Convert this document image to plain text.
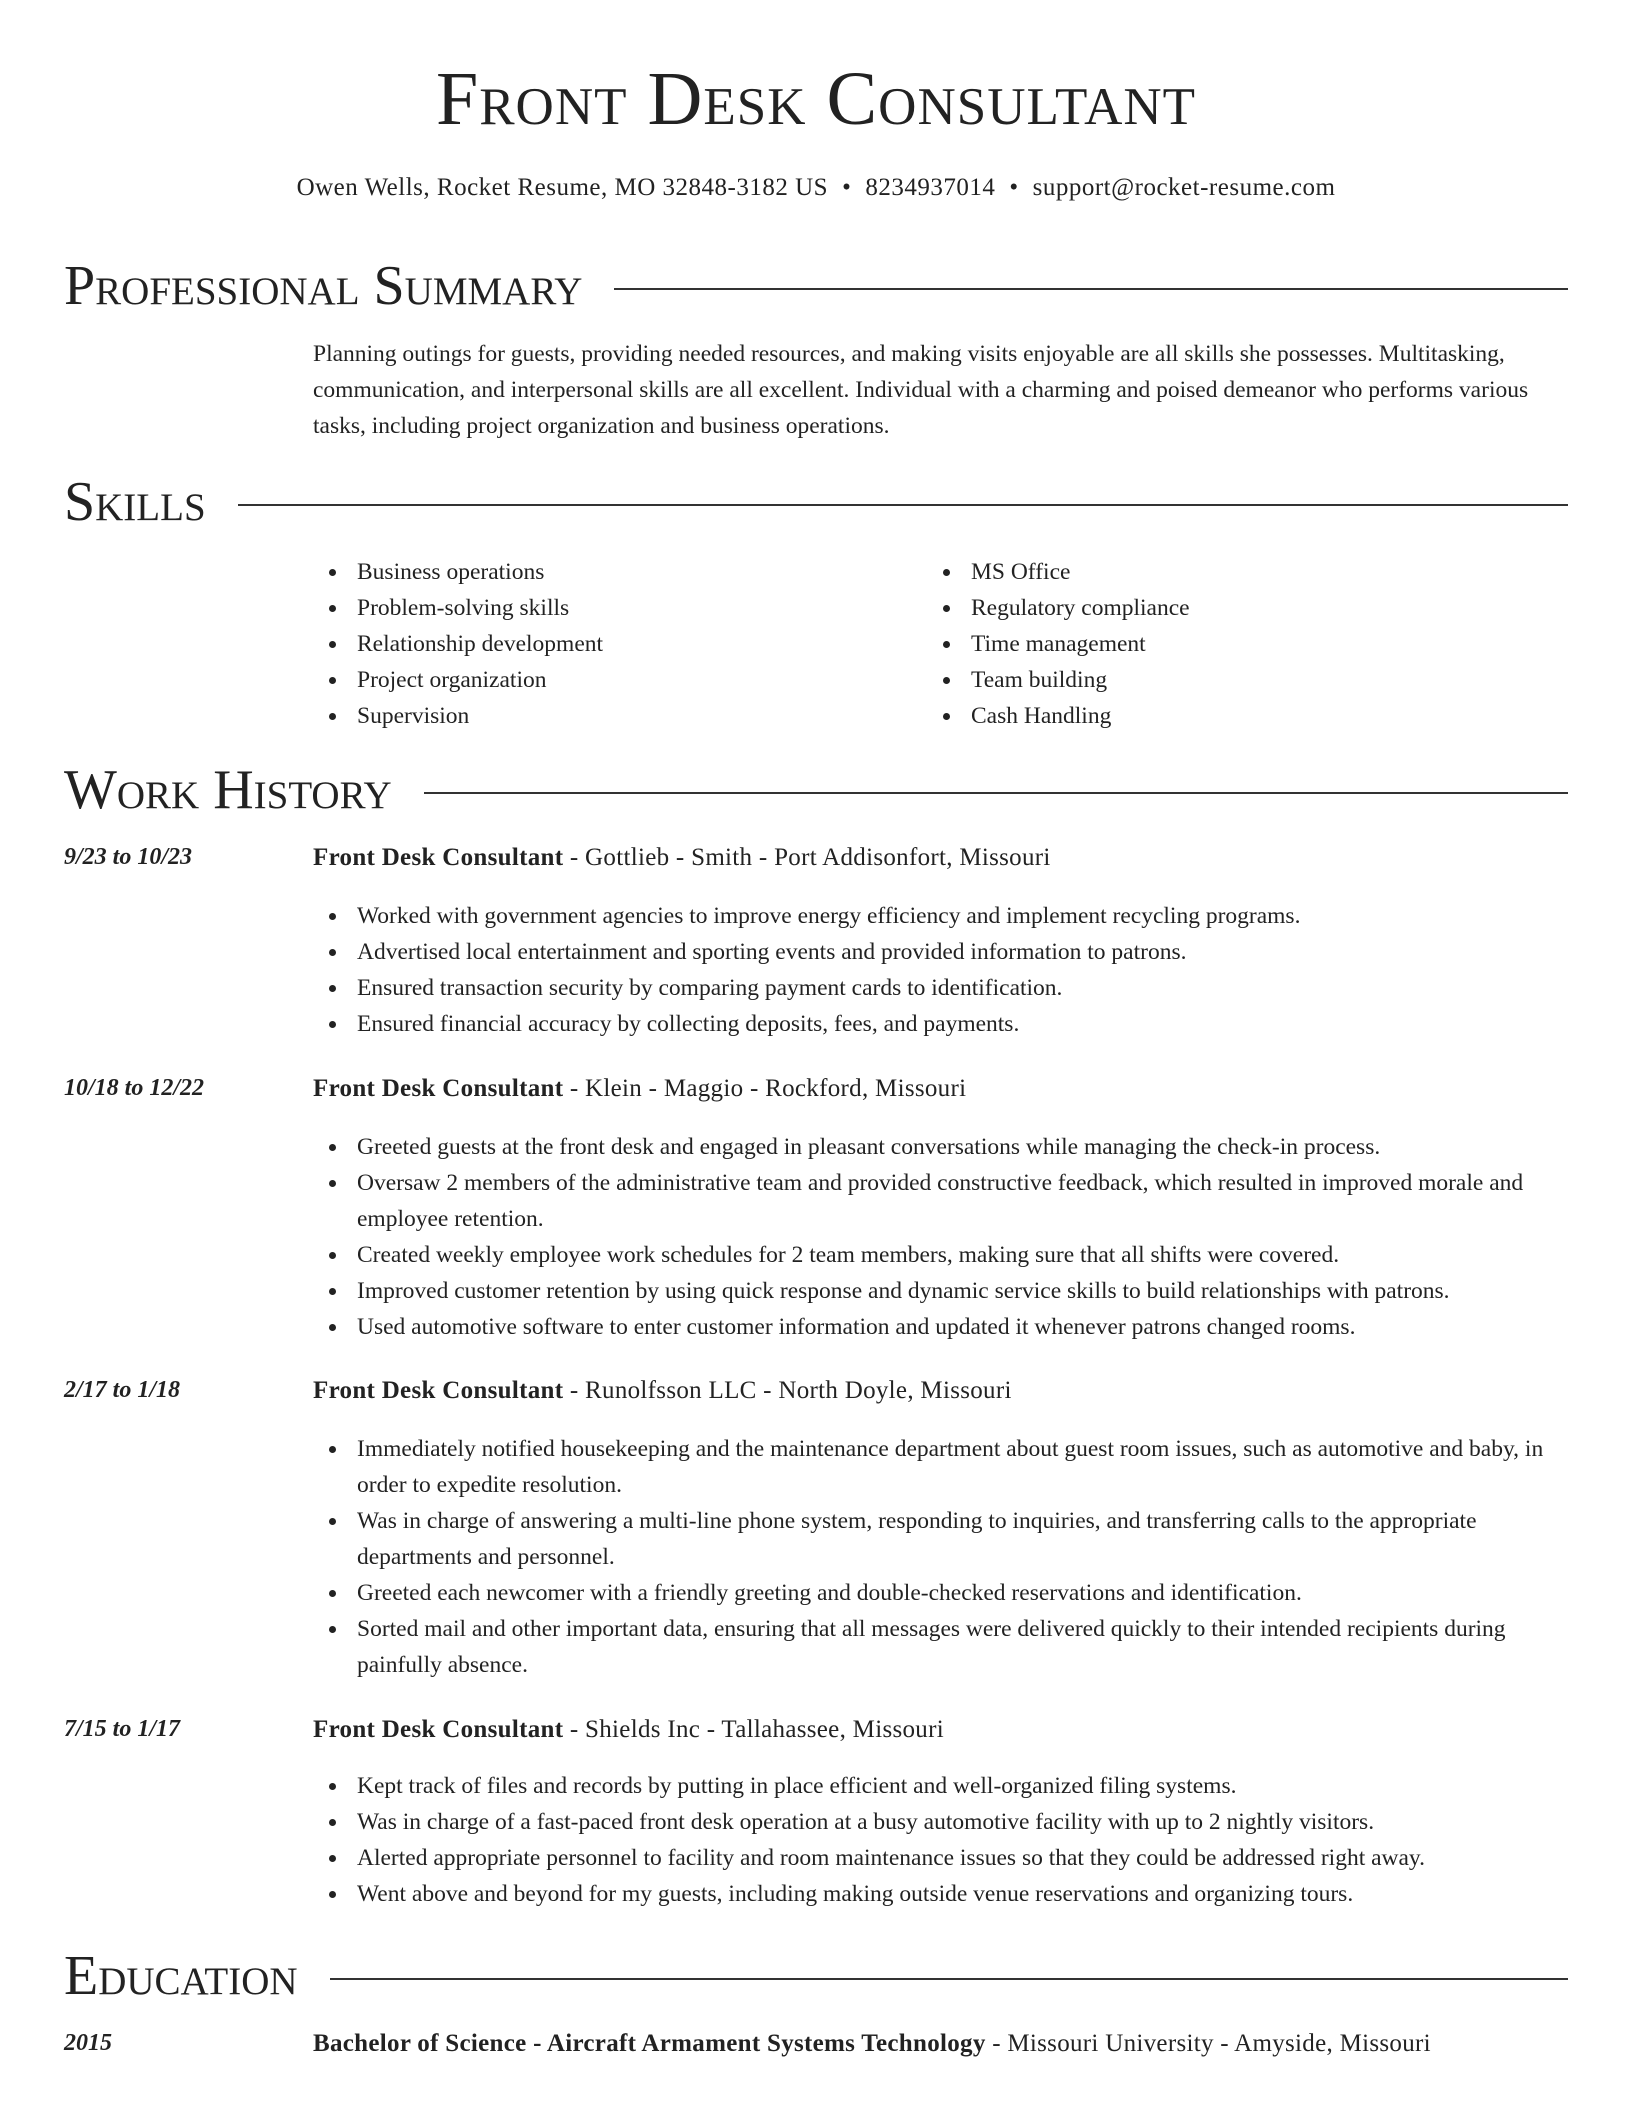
Front Desk Consultant
Owen Wells, Rocket Resume, MO 32848-3182 US • 8234937014 • support@rocket-resume.com
Professional Summary
Planning outings for guests, providing needed resources, and making visits enjoyable are all skills she possesses. Multitasking, communication, and interpersonal skills are all excellent. Individual with a charming and poised demeanor who performs various tasks, including project organization and business operations.
Skills
Business operations
Problem-solving skills
Relationship development
Project organization
Supervision
MS Office
Regulatory compliance
Time management
Team building
Cash Handling
Work History
9/23 to 10/23	Front Desk Consultant - Gottlieb - Smith - Port Addisonfort, Missouri
Worked with government agencies to improve energy efficiency and implement recycling programs.
Advertised local entertainment and sporting events and provided information to patrons.
Ensured transaction security by comparing payment cards to identification.
Ensured financial accuracy by collecting deposits, fees, and payments.
10/18 to 12/22	Front Desk Consultant - Klein - Maggio - Rockford, Missouri
Greeted guests at the front desk and engaged in pleasant conversations while managing the check-in process.
Oversaw 2 members of the administrative team and provided constructive feedback, which resulted in improved morale and employee retention.
Created weekly employee work schedules for 2 team members, making sure that all shifts were covered.
Improved customer retention by using quick response and dynamic service skills to build relationships with patrons.
Used automotive software to enter customer information and updated it whenever patrons changed rooms.
2/17 to 1/18	Front Desk Consultant - Runolfsson LLC - North Doyle, Missouri
Immediately notified housekeeping and the maintenance department about guest room issues, such as automotive and baby, in order to expedite resolution.
Was in charge of answering a multi-line phone system, responding to inquiries, and transferring calls to the appropriate departments and personnel.
Greeted each newcomer with a friendly greeting and double-checked reservations and identification.
Sorted mail and other important data, ensuring that all messages were delivered quickly to their intended recipients during painfully absence.
7/15 to 1/17	Front Desk Consultant - Shields Inc - Tallahassee, Missouri
Kept track of files and records by putting in place efficient and well-organized filing systems.
Was in charge of a fast-paced front desk operation at a busy automotive facility with up to 2 nightly visitors.
Alerted appropriate personnel to facility and room maintenance issues so that they could be addressed right away.
Went above and beyond for my guests, including making outside venue reservations and organizing tours.
Education
2015	Bachelor of Science - Aircraft Armament Systems Technology - Missouri University - Amyside, Missouri
